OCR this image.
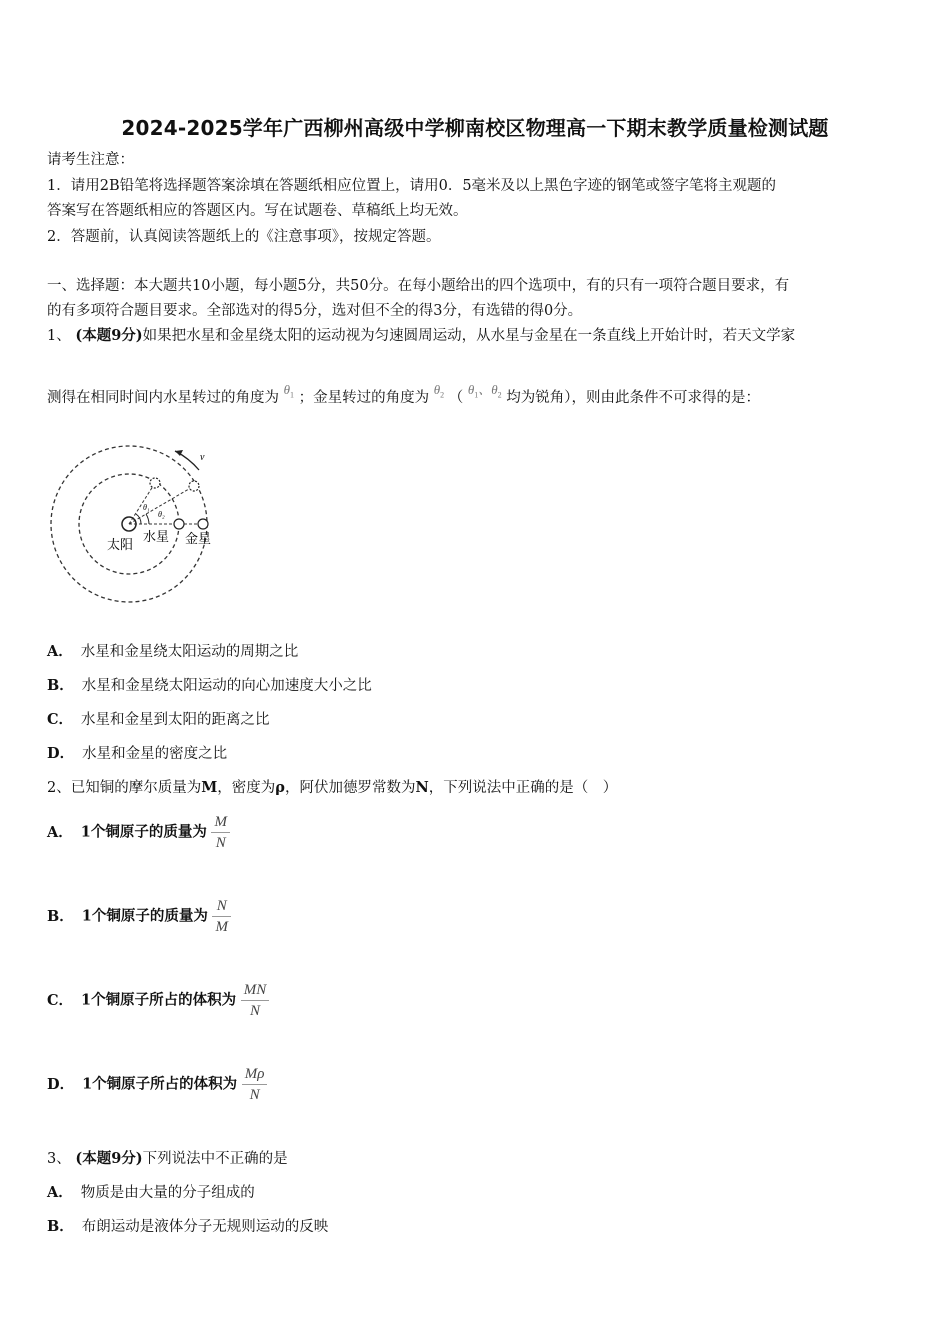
2024-2025学年广西柳州高级中学柳南校区物理高一下期末教学质量检测试题
请考生注意：
1．请用2B铅笔将选择题答案涂填在答题纸相应位置上，请用0．5毫米及以上黑色字迹的钢笔或签字笔将主观题的
答案写在答题纸相应的答题区内。写在试题卷、草稿纸上均无效。
2．答题前，认真阅读答题纸上的《注意事项》，按规定答题。
一、选择题：本大题共10小题，每小题5分，共50分。在每小题给出的四个选项中，有的只有一项符合题目要求，有
的有多项符合题目要求。全部选对的得5分，选对但不全的得3分，有选错的得0分。
1、 (本题9分)如果把水星和金星绕太阳的运动视为匀速圆周运动，从水星与金星在一条直线上开始计时，若天文学家
测得在相同时间内水星转过的角度为 $\theta_1$ ；金星转过的角度为 $\theta_2$ （ $\theta_1$、$\theta_2$ 均为锐角），则由此条件不可求得的是：
v
θ₁
θ₂
太阳
水星 金星
A． 水星和金星绕太阳运动的周期之比
B． 水星和金星绕太阳运动的向心加速度大小之比
C． 水星和金星到太阳的距离之比
D． 水星和金星的密度之比
2、已知铜的摩尔质量为M，密度为ρ，阿伏加德罗常数为N，下列说法中正确的是（　）
A． 1个铜原子的质量为 $\frac{M}{N}$
B． 1个铜原子的质量为 $\frac{N}{M}$
C． 1个铜原子所占的体积为 $\frac{MN}{N}$
D． 1个铜原子所占的体积为 $\frac{M\rho}{N}$
3、 (本题9分)下列说法中不正确的是
A． 物质是由大量的分子组成的
B． 布朗运动是液体分子无规则运动的反映
